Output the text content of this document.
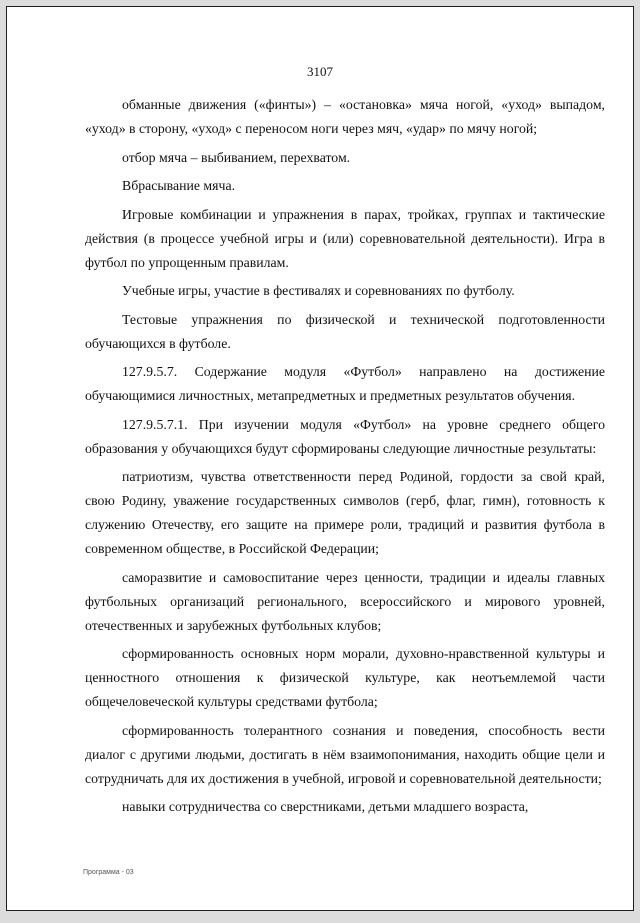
3107

обманные движения («финты») – «остановка» мяча ногой, «уход» выпадом, «уход» в сторону, «уход» с переносом ноги через мяч, «удар» по мячу ногой;

отбор мяча – выбиванием, перехватом.

Вбрасывание мяча.

Игровые комбинации и упражнения в парах, тройках, группах и тактические действия (в процессе учебной игры и (или) соревновательной деятельности). Игра в футбол по упрощенным правилам.

Учебные игры, участие в фестивалях и соревнованиях по футболу.

Тестовые упражнения по физической и технической подготовленности обучающихся в футболе.

127.9.5.7. Содержание модуля «Футбол» направлено на достижение обучающимися личностных, метапредметных и предметных результатов обучения.

127.9.5.7.1. При изучении модуля «Футбол» на уровне среднего общего образования у обучающихся будут сформированы следующие личностные результаты:

патриотизм, чувства ответственности перед Родиной, гордости за свой край, свою Родину, уважение государственных символов (герб, флаг, гимн), готовность к служению Отечеству, его защите на примере роли, традиций и развития футбола в современном обществе, в Российской Федерации;

саморазвитие и самовоспитание через ценности, традиции и идеалы главных футбольных организаций регионального, всероссийского и мирового уровней, отечественных и зарубежных футбольных клубов;

сформированность основных норм морали, духовно-нравственной культуры и ценностного отношения к физической культуре, как неотъемлемой части общечеловеческой культуры средствами футбола;

сформированность толерантного сознания и поведения, способность вести диалог с другими людьми, достигать в нём взаимопонимания, находить общие цели и сотрудничать для их достижения в учебной, игровой и соревновательной деятельности;

навыки сотрудничества со сверстниками, детьми младшего возраста,

Программа - 03
